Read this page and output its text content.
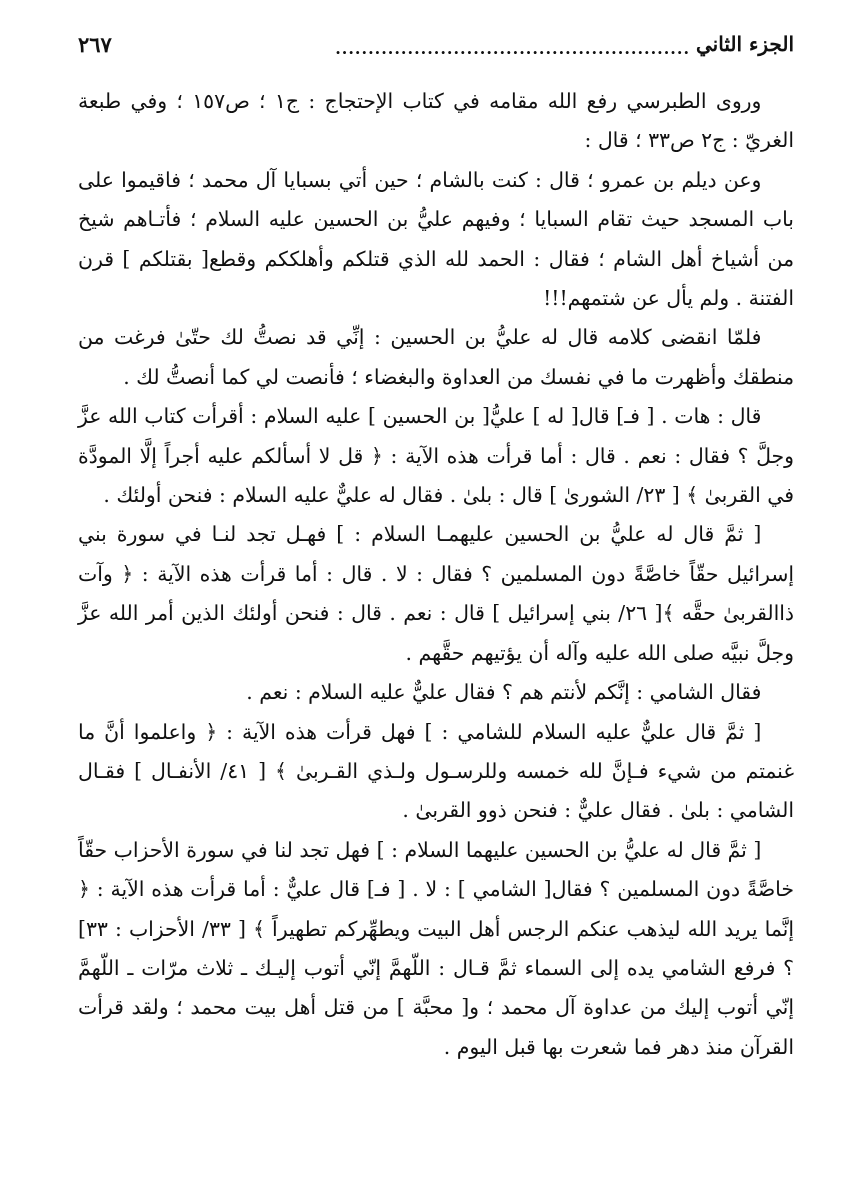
الجزء الثاني
......................................................
٢٦٧

وروى الطبرسي رفع الله مقامه في كتاب الإحتجاج : ج١ ؛ ص١٥٧ ؛ وفي طبعة الغريّ : ج٢ ص٣٣ ؛ قال :

وعن ديلم بن عمرو ؛ قال : كنت بالشام ؛ حين أتي بسبايا آل محمد ؛ فاقيموا على باب المسجد حيث تقام السبايا ؛ وفيهم عليُّ بن الحسين عليه السلام ؛ فأتـاهم شيخ من أشياخ أهل الشام ؛ فقال : الحمد لله الذي قتلكم وأهلككم وقطع[ بقتلكم ] قرن الفتنة . ولم يأل عن شتمهم!!!

فلمّا انقضى كلامه قال له عليُّ بن الحسين : إنِّي قد نصتُّ لك حتّىٰ فرغت من منطقك وأظهرت ما في نفسك من العداوة والبغضاء ؛ فأنصت لي كما أنصتُّ لك .

قال : هات . [ فـ] قال[ له ] عليُّ[ بن الحسين ] عليه السلام : أقرأت كتاب الله عزَّ وجلَّ ؟ فقال : نعم . قال : أما قرأت هذه الآية : ﴿ قل لا أسألكم عليه أجراً إلَّا المودَّة في القربىٰ ﴾ [ ٢٣/ الشورىٰ ] قال : بلىٰ . فقال له عليٌّ عليه السلام : فنحن أولئك .

[ ثمَّ قال له عليُّ بن الحسين عليهمـا السلام : ] فهـل تجد لنـا في سورة بني إسرائيل حقّاً خاصَّةً دون المسلمين ؟ فقال : لا . قال : أما قرأت هذه الآية : ﴿ وآت ذاالقربىٰ حقَّه ﴾[ ٢٦/ بني إسرائيل ] قال : نعم . قال : فنحن أولئك الذين أمر الله عزَّ وجلَّ نبيَّه صلى الله عليه وآله أن يؤتيهم حقَّهم .

فقال الشامي : إنَّكم لأنتم هم ؟ فقال عليٌّ عليه السلام : نعم .

[ ثمَّ قال عليٌّ عليه السلام للشامي : ] فهل قرأت هذه الآية : ﴿ واعلموا أنَّ ما غنمتم من شيء فـإنَّ لله خمسه وللرسـول ولـذي القـربىٰ ﴾ [ ٤١/ الأنفـال ] فقـال الشامي : بلىٰ . فقال عليٌّ : فنحن ذوو القربىٰ .

[ ثمَّ قال له عليُّ بن الحسين عليهما السلام : ] فهل تجد لنا في سورة الأحزاب حقّاً خاصَّةً دون المسلمين ؟ فقال[ الشامي ] : لا . [ فـ] قال عليٌّ : أما قرأت هذه الآية : ﴿ إنَّما يريد الله ليذهب عنكم الرجس أهل البيت ويطهِّركم تطهيراً ﴾ [ ٣٣/ الأحزاب : ٣٣] ؟ فرفع الشامي يده إلى السماء ثمَّ قـال : اللّهمَّ إنّي أتوب إليـك ـ ثلاث مرّات ـ اللّهمَّ إنّي أتوب إليك من عداوة آل محمد ؛ و[ محبَّة ] من قتل أهل بيت محمد ؛ ولقد قرأت القرآن منذ دهر فما شعرت بها قبل اليوم .
